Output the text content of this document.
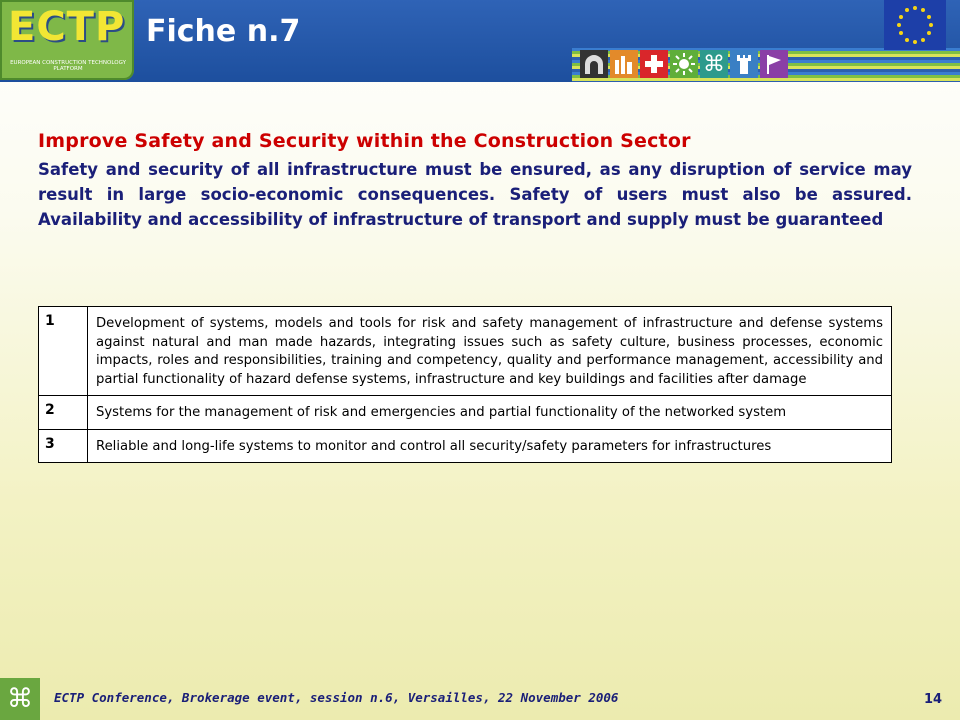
ECTP
EUROPEAN CONSTRUCTION TECHNOLOGY PLATFORM
Fiche n.7
⌘
Improve Safety and Security within the Construction Sector
Safety and security of all infrastructure must be ensured, as any disruption of service may result in large socio-economic consequences. Safety of users must also be assured. Availability and accessibility of infrastructure of transport and supply must be guaranteed
1	Development of systems, models and tools for risk and safety management of infrastructure and defense systems against natural and man made hazards, integrating issues such as safety culture, business processes, economic impacts, roles and responsibilities, training and competency, quality and performance management, accessibility and partial functionality of hazard defense systems, infrastructure and key buildings and facilities after damage
2	Systems for the management of risk and emergencies and partial functionality of the networked system
3	Reliable and long-life systems to monitor and control all security/safety parameters for infrastructures
⌘	ECTP Conference, Brokerage event, session n.6, Versailles, 22 November 2006	14
